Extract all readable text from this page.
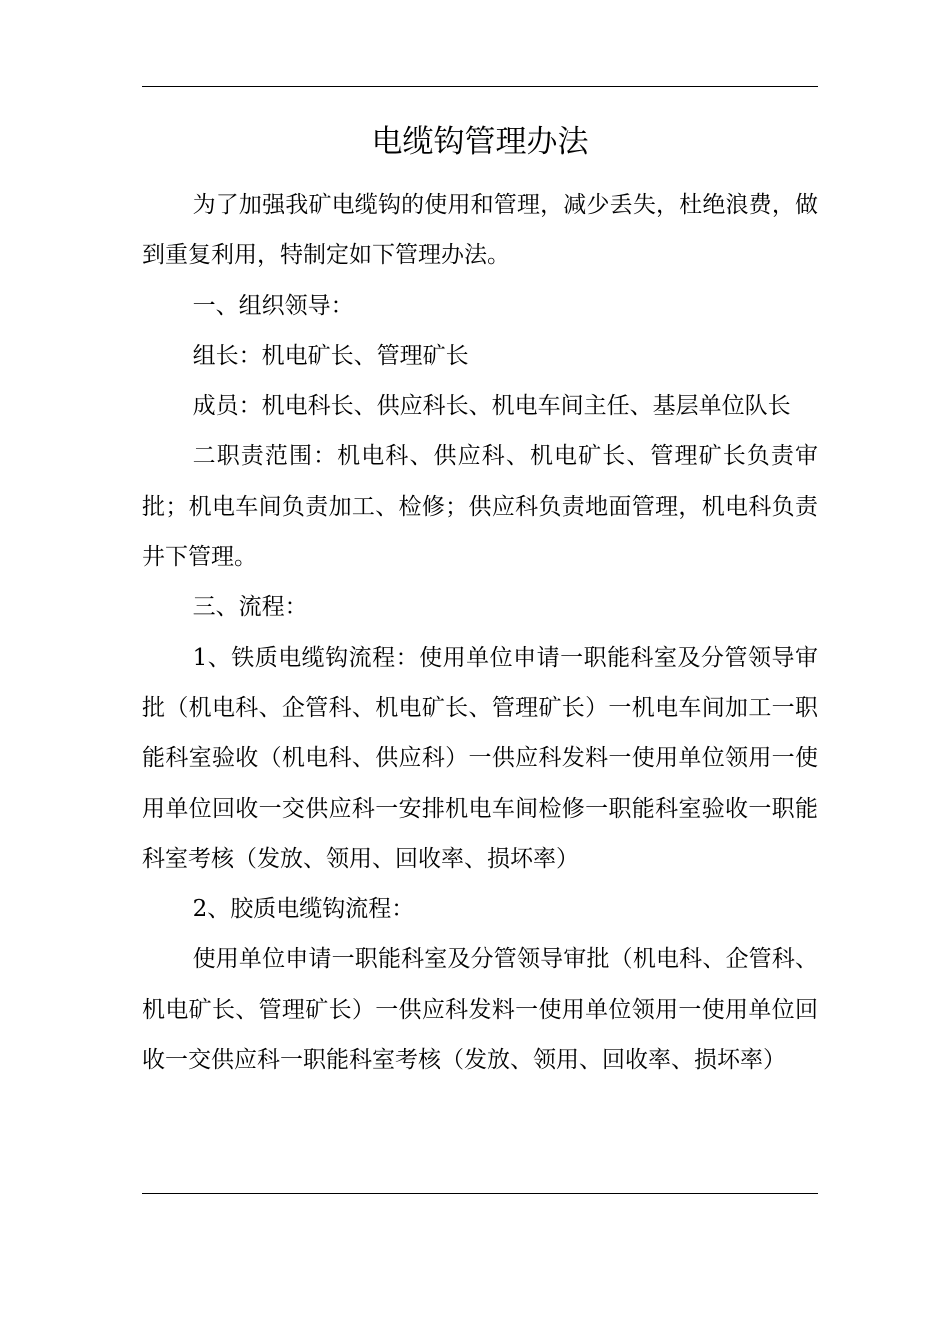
电缆钩管理办法

为了加强我矿电缆钩的使用和管理，减少丢失，杜绝浪费，做到重复利用，特制定如下管理办法。

一、组织领导：

组长：机电矿长、管理矿长

成员：机电科长、供应科长、机电车间主任、基层单位队长

二职责范围：机电科、供应科、机电矿长、管理矿长负责审批；机电车间负责加工、检修；供应科负责地面管理，机电科负责井下管理。

三、流程：

1、铁质电缆钩流程：使用单位申请一职能科室及分管领导审批（机电科、企管科、机电矿长、管理矿长）一机电车间加工一职能科室验收（机电科、供应科）一供应科发料一使用单位领用一使用单位回收一交供应科一安排机电车间检修一职能科室验收一职能科室考核（发放、领用、回收率、损坏率）

2、胶质电缆钩流程：

使用单位申请一职能科室及分管领导审批（机电科、企管科、机电矿长、管理矿长）一供应科发料一使用单位领用一使用单位回收一交供应科一职能科室考核（发放、领用、回收率、损坏率）
